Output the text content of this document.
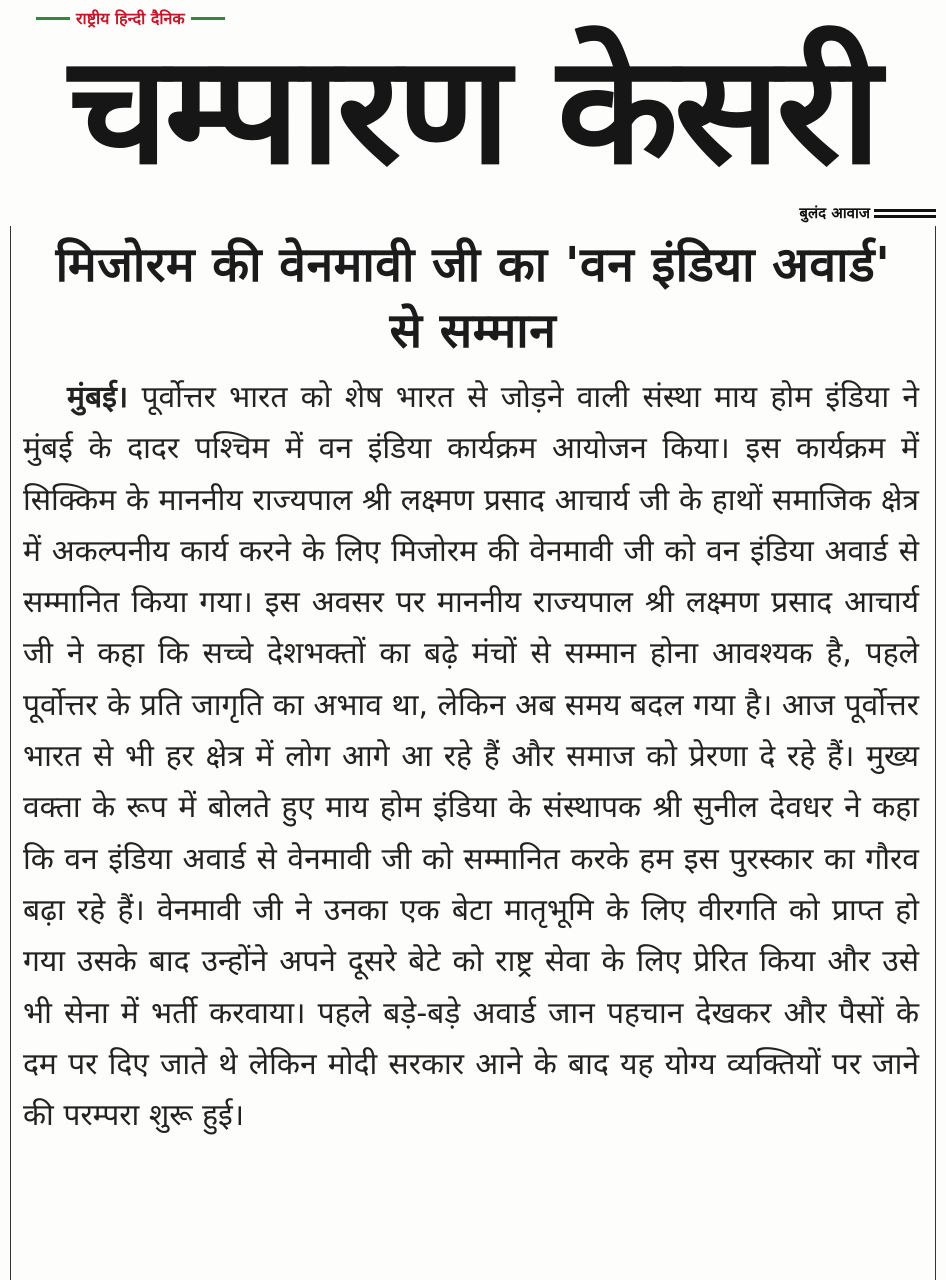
राष्ट्रीय हिन्दी दैनिक
चम्पारण केसरी
बुलंद आवाज
मिजोरम की वेनमावी जी का 'वन इंडिया अवार्ड' से सम्मान

मुंबई। पूर्वोत्तर भारत को शेष भारत से जोड़ने वाली संस्था माय होम इंडिया ने मुंबई के दादर पश्चिम में वन इंडिया कार्यक्रम आयोजन किया। इस कार्यक्रम में सिक्किम के माननीय राज्यपाल श्री लक्ष्मण प्रसाद आचार्य जी के हाथों समाजिक क्षेत्र में अकल्पनीय कार्य करने के लिए मिजोरम की वेनमावी जी को वन इंडिया अवार्ड से सम्मानित किया गया। इस अवसर पर माननीय राज्यपाल श्री लक्ष्मण प्रसाद आचार्य जी ने कहा कि सच्चे देशभक्तों का बढ़े मंचों से सम्मान होना आवश्यक है, पहले पूर्वोत्तर के प्रति जागृति का अभाव था, लेकिन अब समय बदल गया है। आज पूर्वोत्तर भारत से भी हर क्षेत्र में लोग आगे आ रहे हैं और समाज को प्रेरणा दे रहे हैं। मुख्य वक्ता के रूप में बोलते हुए माय होम इंडिया के संस्थापक श्री सुनील देवधर ने कहा कि वन इंडिया अवार्ड से वेनमावी जी को सम्मानित करके हम इस पुरस्कार का गौरव बढ़ा रहे हैं। वेनमावी जी ने उनका एक बेटा मातृभूमि के लिए वीरगति को प्राप्त हो गया उसके बाद उन्होंने अपने दूसरे बेटे को राष्ट्र सेवा के लिए प्रेरित किया और उसे भी सेना में भर्ती करवाया। पहले बड़े-बड़े अवार्ड जान पहचान देखकर और पैसों के दम पर दिए जाते थे लेकिन मोदी सरकार आने के बाद यह योग्य व्यक्तियों पर जाने की परम्परा शुरू हुई।
